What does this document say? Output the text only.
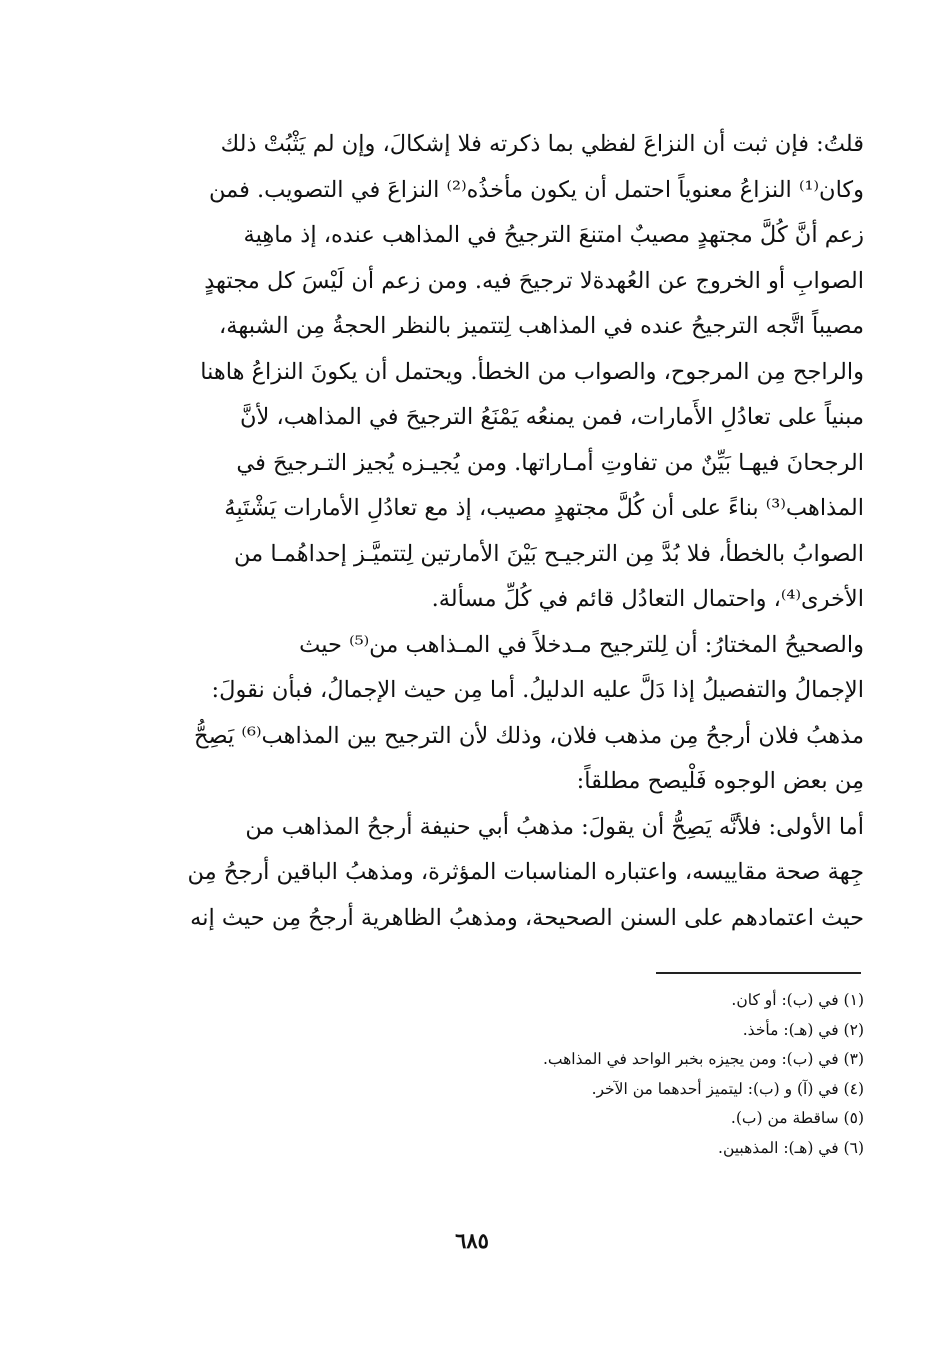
قلتُ: فإن ثبت أن النزاعَ لفظي بما ذكرته فلا إشكالَ، وإن لم يَثْبُتْ ذلك
وكان⁽¹⁾ النزاعُ معنوياً احتمل أن يكون مأخذُه⁽²⁾ النزاعَ في التصويب. فمن
زعم أنَّ كُلَّ مجتهدٍ مصيبٌ امتنعَ الترجيحُ في المذاهب عنده، إذ ماهِية
الصوابِ أو الخروج عن العُهدةلا ترجيحَ فيه. ومن زعم أن لَيْسَ كل مجتهدٍ
مصيباً اتَّجه الترجيحُ عنده في المذاهب لِتتميز بالنظر الحجةُ مِن الشبهة،
والراجح مِن المرجوح، والصواب من الخطأ. ويحتمل أن يكونَ النزاعُ هاهنا
مبنياً على تعادُلِ الأَمارات، فمن يمنعُه يَمْنَعُ الترجيحَ في المذاهب، لأنَّ
الرجحانَ فيهـا بَيِّنٌ من تفاوتِ أمـاراتها. ومن يُجيـزه يُجيز التـرجيحَ في
المذاهب⁽³⁾ بناءً على أن كُلَّ مجتهدٍ مصيب، إذ مع تعادُلِ الأمارات يَشْتَبِهُ
الصوابُ بالخطأ، فلا بُدَّ مِن الترجيـح بَيْنَ الأمارتين لِتتميَّـز إحداهُمـا من
الأخرى⁽⁴⁾، واحتمال التعادُل قائم في كُلِّ مسألة.
والصحيحُ المختارُ: أن لِلترجيح مـدخلاً في المـذاهب من⁽⁵⁾ حيث
الإجمالُ والتفصيلُ إذا دَلَّ عليه الدليلُ. أما مِن حيث الإجمالُ، فبأن نقولَ:
مذهبُ فلان أرجحُ مِن مذهب فلان، وذلك لأن الترجيح بين المذاهب⁽⁶⁾ يَصِحُّ
مِن بعض الوجوه فَلْيصح مطلقاً:
أما الأولى: فلأنَّه يَصِحُّ أن يقولَ: مذهبُ أبي حنيفة أرجحُ المذاهب من
جِهة صحة مقاييسه، واعتباره المناسبات المؤثرة، ومذهبُ الباقين أرجحُ مِن
حيث اعتمادهم على السنن الصحيحة، ومذهبُ الظاهرية أرجحُ مِن حيث إنه
(١) في (ب): أو كان.
(٢) في (هـ): مأخذ.
(٣) في (ب): ومن يجيزه بخبر الواحد في المذاهب.
(٤) في (آ) و (ب): ليتميز أحدهما من الآخر.
(٥) ساقطة من (ب).
(٦) في (هـ): المذهبين.
٦٨٥
